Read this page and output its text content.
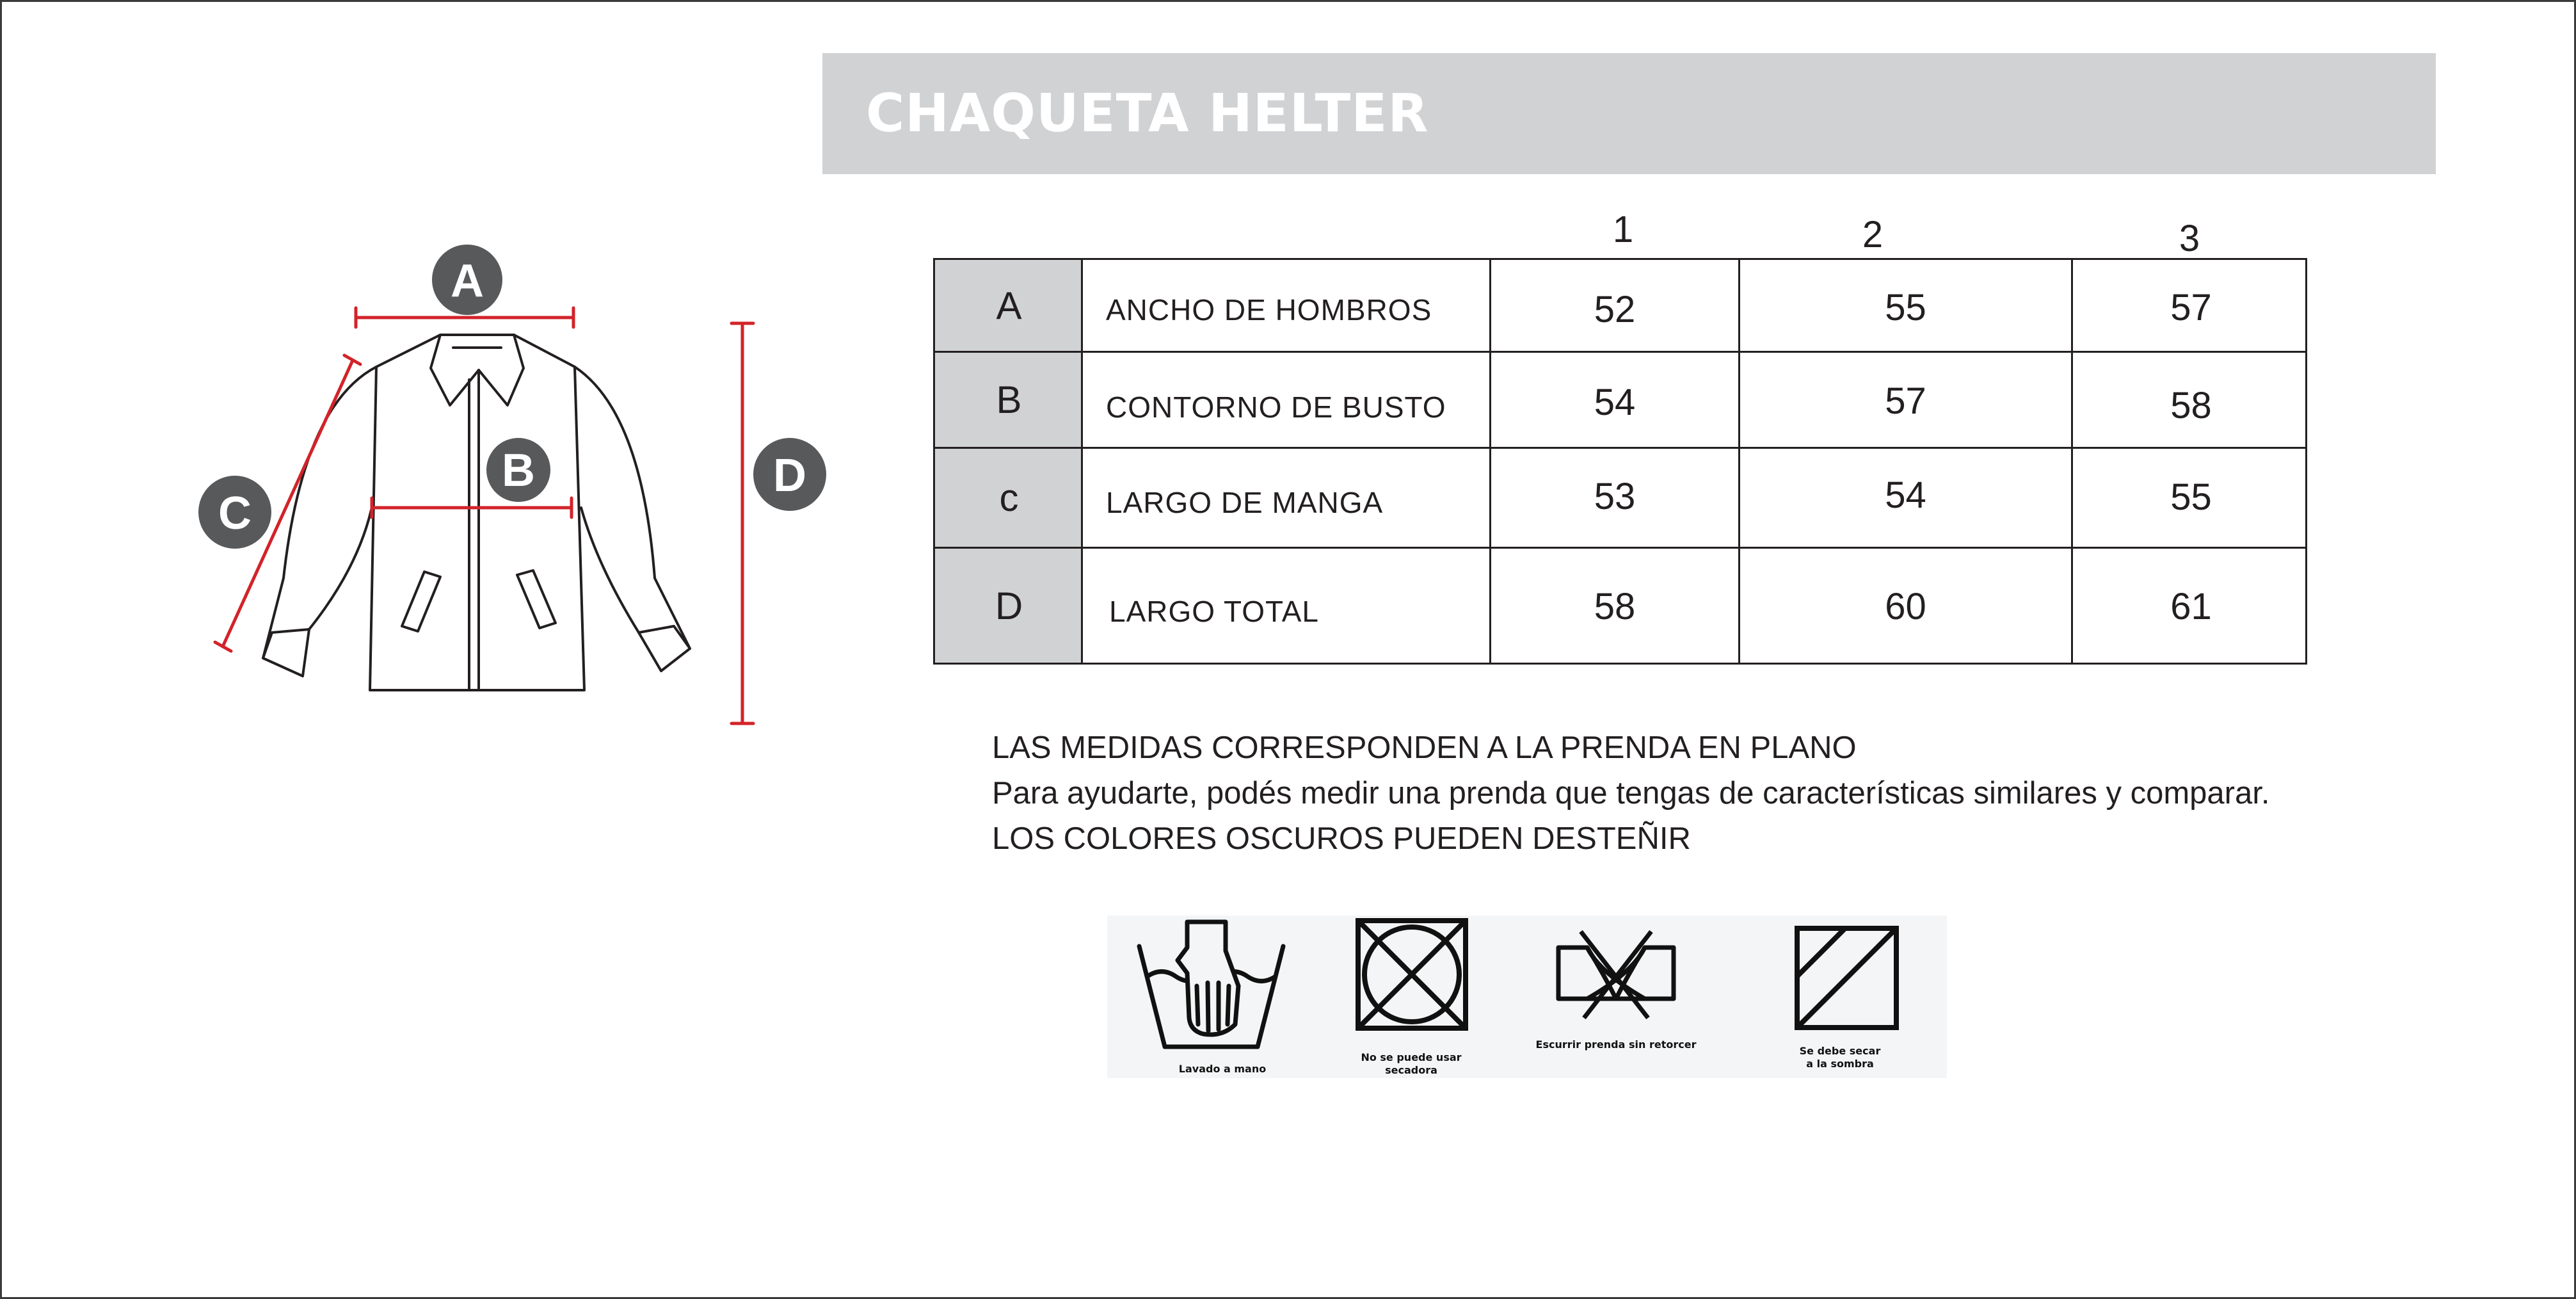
CHAQUETA HELTER
A
B
C
D
1	2	3
A	ANCHO DE HOMBROS	52	55	57
B	CONTORNO DE BUSTO	54	57	58
c	LARGO DE MANGA	53	54	55
D	LARGO TOTAL	58	60	61
LAS MEDIDAS CORRESPONDEN A LA PRENDA EN PLANO
Para ayudarte, podés medir una prenda que tengas de características similares y comparar.
LOS COLORES OSCUROS PUEDEN DESTEÑIR
Lavado a mano
No se puede usar secadora
Escurrir prenda sin retorcer
Se debe secar
a la sombra
